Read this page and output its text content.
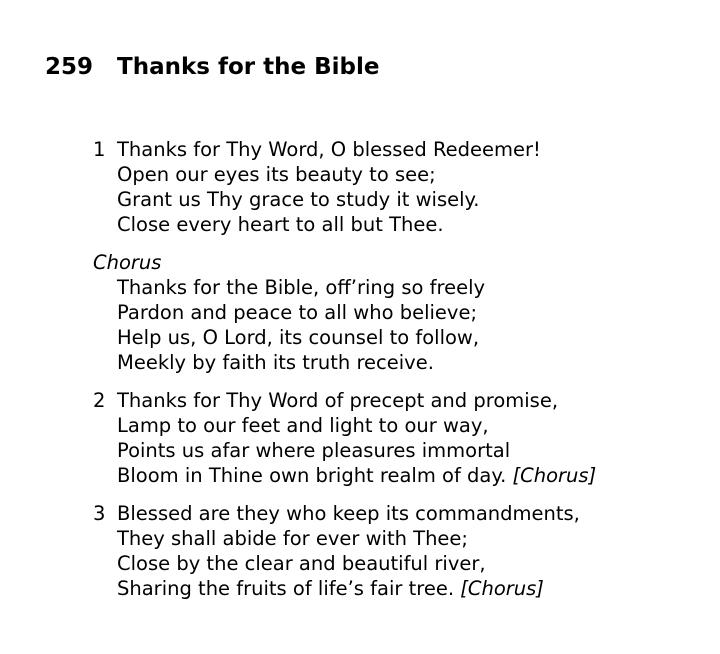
259 Thanks for the Bible
1 Thanks for Thy Word, O blessed Redeemer!
Open our eyes its beauty to see;
Grant us Thy grace to study it wisely.
Close every heart to all but Thee.
Chorus
Thanks for the Bible, off’ring so freely
Pardon and peace to all who believe;
Help us, O Lord, its counsel to follow,
Meekly by faith its truth receive.
2 Thanks for Thy Word of precept and promise,
Lamp to our feet and light to our way,
Points us afar where pleasures immortal
Bloom in Thine own bright realm of day. [Chorus]
3 Blessed are they who keep its commandments,
They shall abide for ever with Thee;
Close by the clear and beautiful river,
Sharing the fruits of life’s fair tree. [Chorus]
